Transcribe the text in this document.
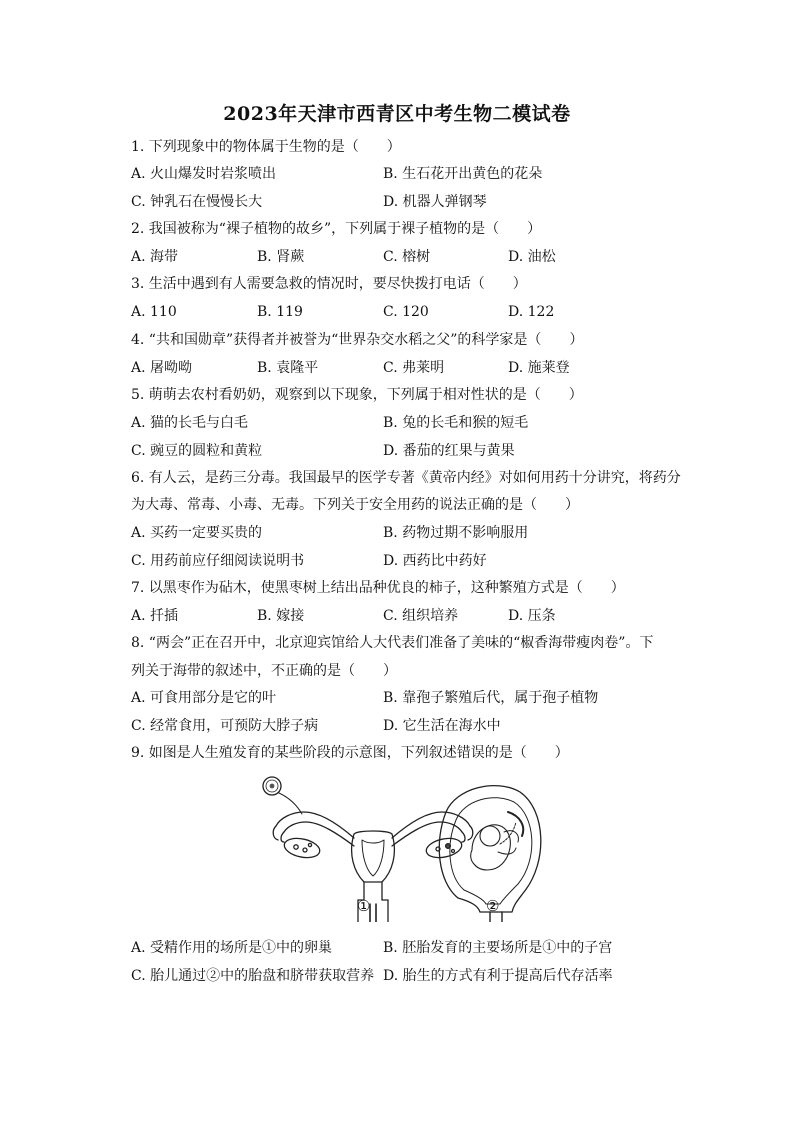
2023年天津市西青区中考生物二模试卷
1. 下列现象中的物体属于生物的是（　　）
A. 火山爆发时岩浆喷出	B. 生石花开出黄色的花朵
C. 钟乳石在慢慢长大	D. 机器人弹钢琴
2. 我国被称为“裸子植物的故乡”，下列属于裸子植物的是（　　）
A. 海带	B. 肾蕨	C. 榕树	D. 油松
3. 生活中遇到有人需要急救的情况时，要尽快拨打电话（　　）
A. 110	B. 119	C. 120	D. 122
4. “共和国勋章”获得者并被誉为“世界杂交水稻之父”的科学家是（　　）
A. 屠呦呦	B. 袁隆平	C. 弗莱明	D. 施莱登
5. 萌萌去农村看奶奶，观察到以下现象，下列属于相对性状的是（　　）
A. 猫的长毛与白毛	B. 兔的长毛和猴的短毛
C. 豌豆的圆粒和黄粒	D. 番茄的红果与黄果
6. 有人云，是药三分毒。我国最早的医学专著《黄帝内经》对如何用药十分讲究，将药分
为大毒、常毒、小毒、无毒。下列关于安全用药的说法正确的是（　　）
A. 买药一定要买贵的	B. 药物过期不影响服用
C. 用药前应仔细阅读说明书	D. 西药比中药好
7. 以黑枣作为砧木，使黑枣树上结出品种优良的柿子，这种繁殖方式是（　　）
A. 扦插	B. 嫁接	C. 组织培养	D. 压条
8. “两会”正在召开中，北京迎宾馆给人大代表们准备了美味的“椒香海带瘦肉卷”。下
列关于海带的叙述中，不正确的是（　　）
A. 可食用部分是它的叶	B. 靠孢子繁殖后代，属于孢子植物
C. 经常食用，可预防大脖子病	D. 它生活在海水中
9. 如图是人生殖发育的某些阶段的示意图，下列叙述错误的是（　　）
①	②
A. 受精作用的场所是①中的卵巢	B. 胚胎发育的主要场所是①中的子宫
C. 胎儿通过②中的胎盘和脐带获取营养 D. 胎生的方式有利于提高后代存活率
